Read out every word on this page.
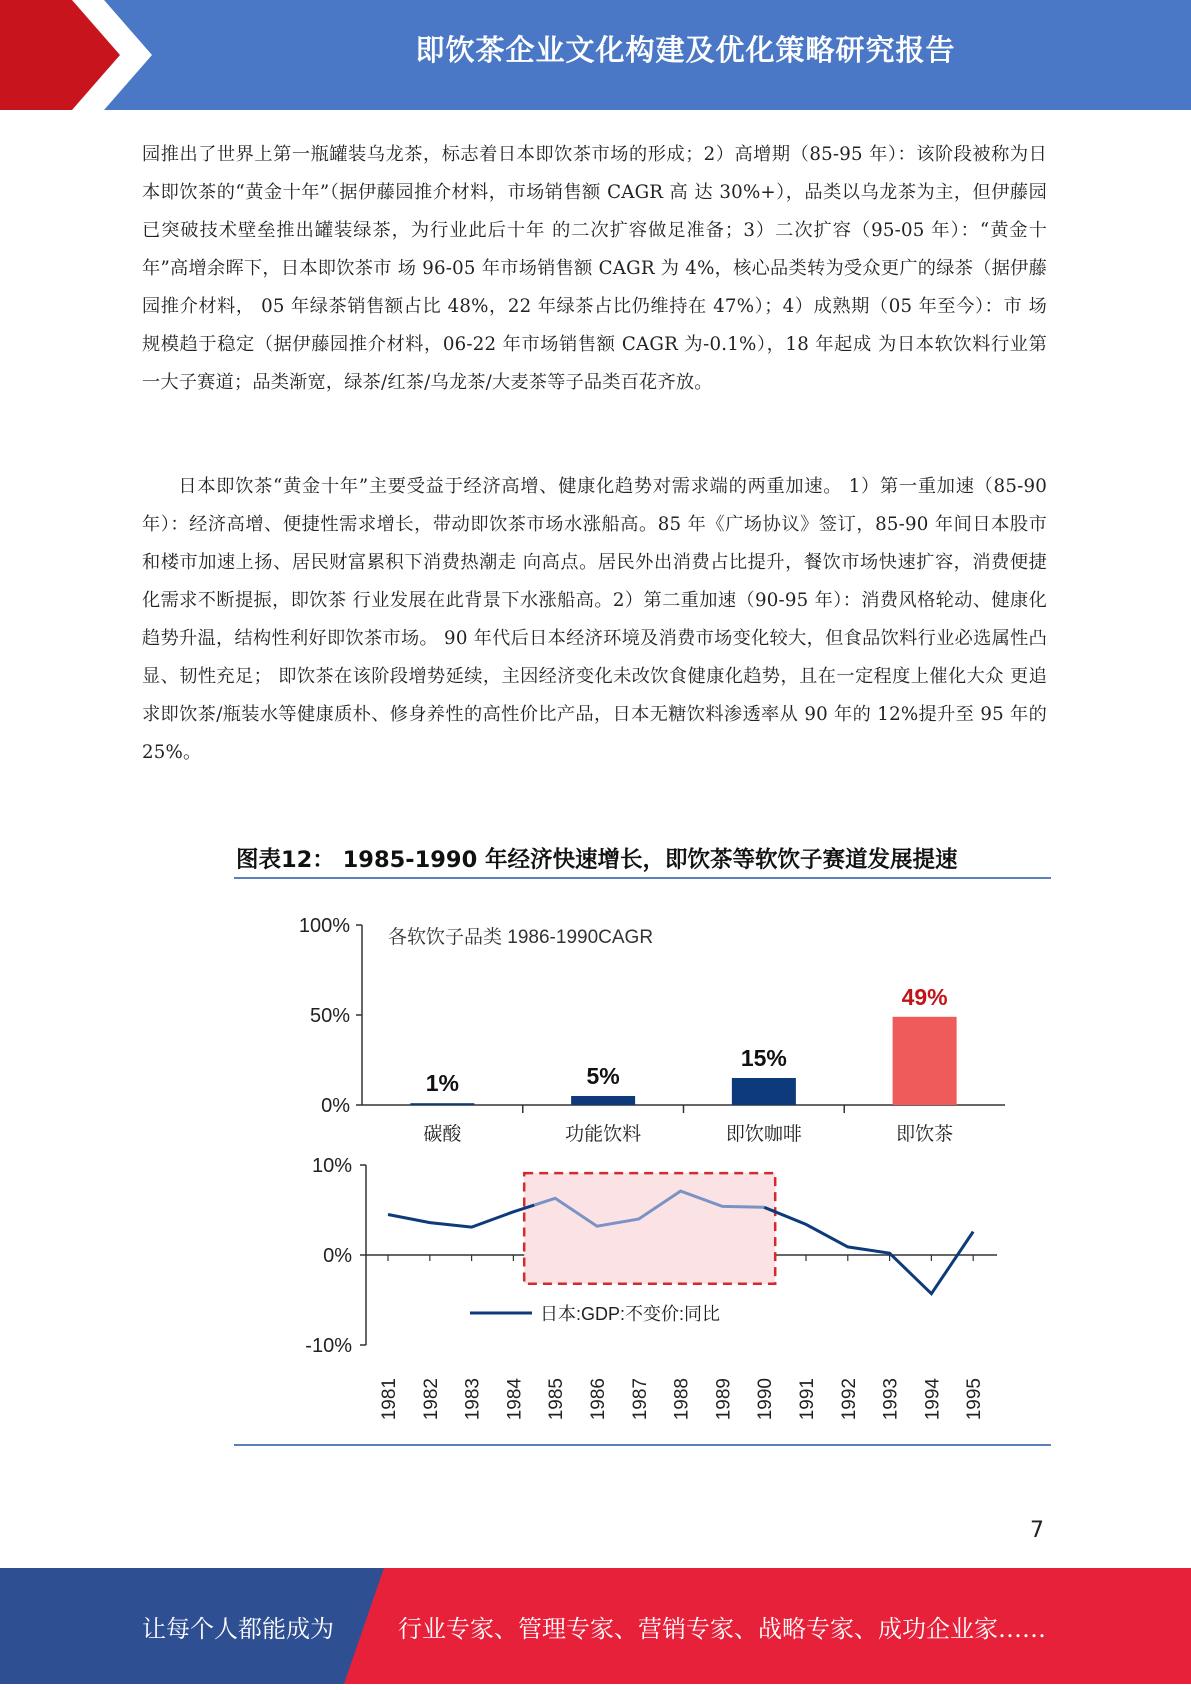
即饮茶企业文化构建及优化策略研究报告

园推出了世界上第一瓶罐装乌龙茶，标志着日本即饮茶市场的形成；2）高增期（85-95 年）：该阶段被称为日本即饮茶的“黄金十年”（据伊藤园推介材料，市场销售额 CAGR 高 达 30%+），品类以乌龙茶为主，但伊藤园已突破技术壁垒推出罐装绿茶，为行业此后十年 的二次扩容做足准备；3）二次扩容（95-05 年）：“黄金十年”高增余晖下，日本即饮茶市 场 96-05 年市场销售额 CAGR 为 4%，核心品类转为受众更广的绿茶（据伊藤园推介材料， 05 年绿茶销售额占比 48%，22 年绿茶占比仍维持在 47%）；4）成熟期（05 年至今）：市 场规模趋于稳定（据伊藤园推介材料，06-22 年市场销售额 CAGR 为-0.1%），18 年起成 为日本软饮料行业第一大子赛道；品类渐宽，绿茶/红茶/乌龙茶/大麦茶等子品类百花齐放。

日本即饮茶“黄金十年”主要受益于经济高增、健康化趋势对需求端的两重加速。 1）第一重加速（85-90 年）：经济高增、便捷性需求增长，带动即饮茶市场水涨船高。85 年《广场协议》签订，85-90 年间日本股市和楼市加速上扬、居民财富累积下消费热潮走 向高点。居民外出消费占比提升，餐饮市场快速扩容，消费便捷化需求不断提振，即饮茶 行业发展在此背景下水涨船高。2）第二重加速（90-95 年）：消费风格轮动、健康化趋势升温，结构性利好即饮茶市场。 90 年代后日本经济环境及消费市场变化较大，但食品饮料行业必选属性凸显、韧性充足； 即饮茶在该阶段增势延续，主因经济变化未改饮食健康化趋势，且在一定程度上催化大众 更追求即饮茶/瓶装水等健康质朴、修身养性的高性价比产品，日本无糖饮料渗透率从 90 年的 12%提升至 95 年的 25%。

图表12： 1985-1990 年经济快速增长，即饮茶等软饮子赛道发展提速
0%
50%
100%
各软饮子品类 1986-1990CAGR
1%
碳酸
5%
功能饮料
15%
即饮咖啡
49%
即饮茶
-10%
0%
10%
1981 1982 1983 1984 1985 1986 1987 1988 1989 1990 1991 1992 1993 1994 1995
日本:GDP:不变价:同比
7
让每个人都能成为	行业专家、管理专家、营销专家、战略专家、成功企业家……
